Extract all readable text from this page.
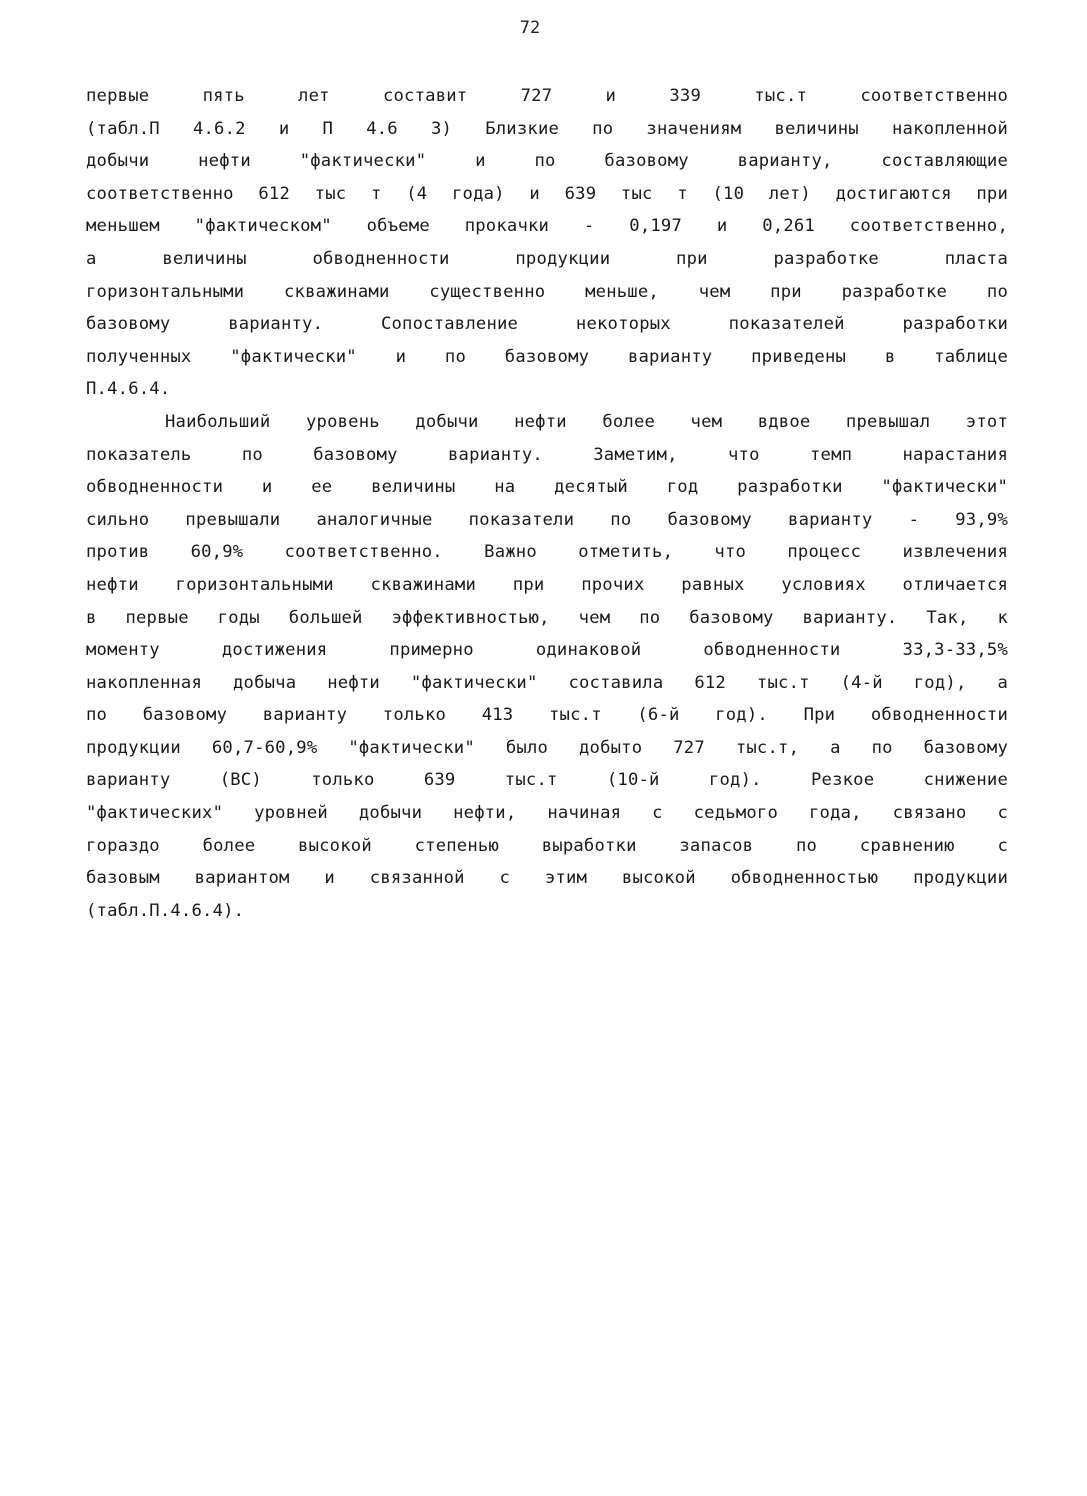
72
первые пять лет составит 727 и 339 тыс.т соответственно
(табл.П 4.6.2 и П 4.6 3) Близкие по значениям величины накопленной
добычи нефти "фактически" и по базовому варианту, составляющие
соответственно 612 тыс т (4 года) и 639 тыс т (10 лет) достигаются при
меньшем "фактическом" объеме прокачки - 0,197 и 0,261 соответственно,
а величины обводненности продукции при разработке пласта
горизонтальными скважинами существенно меньше, чем при разработке по
базовому варианту. Сопоставление некоторых показателей разработки
полученных "фактически" и по базовому варианту приведены в таблице
П.4.6.4.
Наибольший уровень добычи нефти более чем вдвое превышал этот
показатель по базовому варианту. Заметим, что темп нарастания
обводненности и ее величины на десятый год разработки "фактически"
сильно превышали аналогичные показатели по базовому варианту - 93,9%
против 60,9% соответственно. Важно отметить, что процесс извлечения
нефти горизонтальными скважинами при прочих равных условиях отличается
в первые годы большей эффективностью, чем по базовому варианту. Так, к
моменту достижения примерно одинаковой обводненности 33,3-33,5%
накопленная добыча нефти "фактически" составила 612 тыс.т (4-й год), а
по базовому варианту только 413 тыс.т (6-й год). При обводненности
продукции 60,7-60,9% "фактически" было добыто 727 тыс.т, а по базовому
варианту (ВС) только 639 тыс.т (10-й год). Резкое снижение
"фактических" уровней добычи нефти, начиная с седьмого года, связано с
гораздо более высокой степенью выработки запасов по сравнению с
базовым вариантом и связанной с этим высокой обводненностью продукции
(табл.П.4.6.4).
